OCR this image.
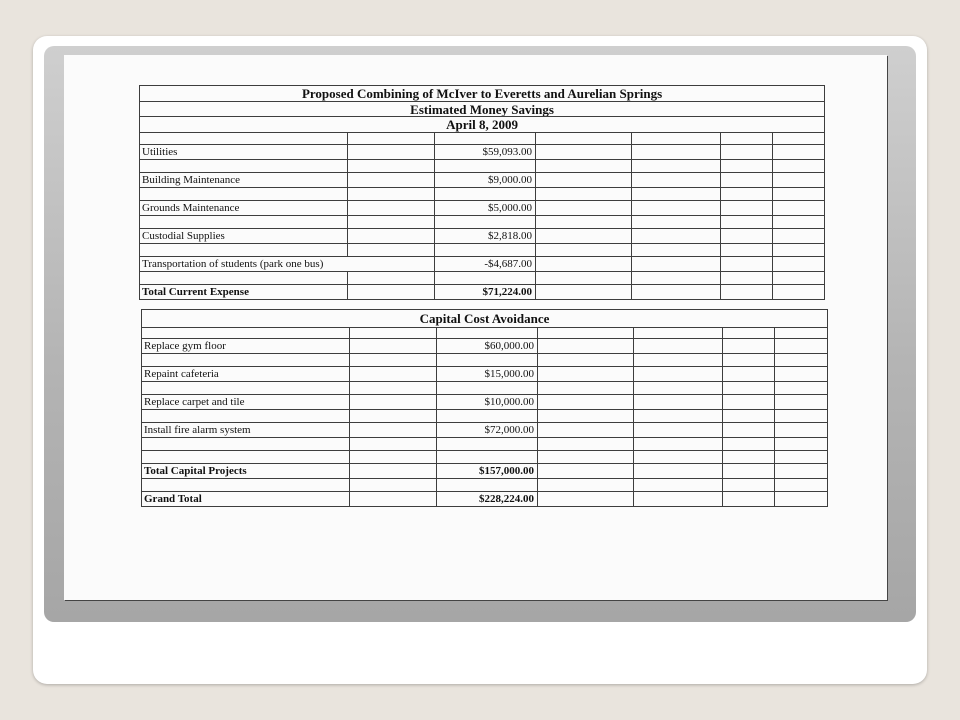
Proposed Combining of McIver to Everetts and Aurelian Springs						
Estimated Money Savings						
April 8, 2009						

Utilities		$59,093.00				

Building Maintenance		$9,000.00				

Grounds Maintenance		$5,000.00				

Custodial Supplies		$2,818.00				

Transportation of students (park one bus)		-$4,687.00				

Total Current Expense		$71,224.00				
Capital Cost Avoidance						

Replace gym floor		$60,000.00				

Repaint cafeteria		$15,000.00				

Replace carpet and tile		$10,000.00				

Install fire alarm system		$72,000.00				

Total Capital Projects		$157,000.00				

Grand Total		$228,224.00				
